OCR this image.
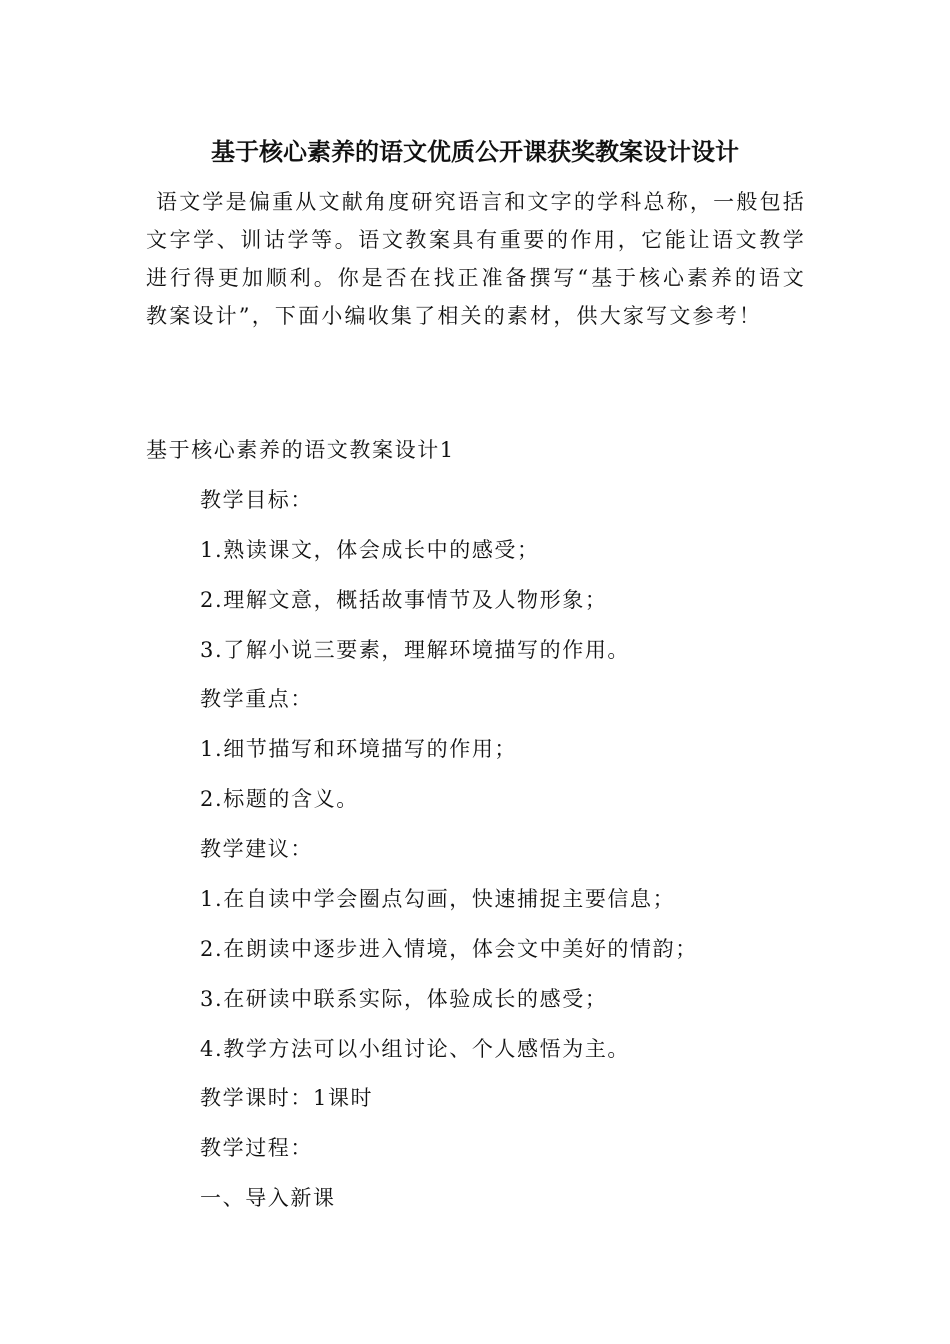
基于核心素养的语文优质公开课获奖教案设计设计

语文学是偏重从文献角度研究语言和文字的学科总称，一般包括文字学、训诂学等。语文教案具有重要的作用，它能让语文教学进行得更加顺利。你是否在找正准备撰写“基于核心素养的语文教案设计”，下面小编收集了相关的素材，供大家写文参考！

基于核心素养的语文教案设计1

教学目标：

1.熟读课文，体会成长中的感受；

2.理解文意，概括故事情节及人物形象；

3.了解小说三要素，理解环境描写的作用。

教学重点：

1.细节描写和环境描写的作用；

2.标题的含义。

教学建议：

1.在自读中学会圈点勾画，快速捕捉主要信息；

2.在朗读中逐步进入情境，体会文中美好的情韵；

3.在研读中联系实际，体验成长的感受；

4.教学方法可以小组讨论、个人感悟为主。

教学课时：1课时

教学过程：

一、导入新课
